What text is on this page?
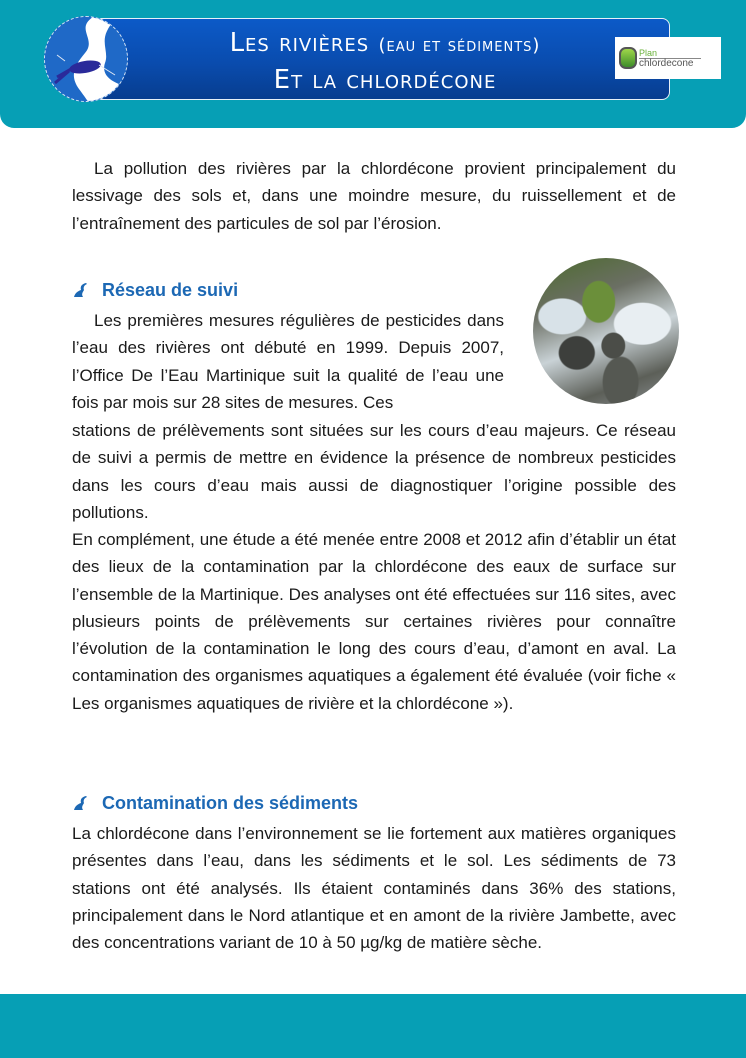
Les rivières (eau et sédiments)
Et la chlordécone
Plan
chlordecone

La pollution des rivières par la chlordécone provient principalement du lessivage des sols et, dans une moindre mesure, du ruissellement et de l’entraînement des particules de sol par l’érosion.

Réseau de suivi

Les premières mesures régulières de pesticides dans l’eau des rivières ont débuté en 1999. Depuis 2007, l’Office De l’Eau Martinique suit la qualité de l’eau une fois par mois sur 28 sites de mesures. Ces

stations de prélèvements sont situées sur les cours d’eau majeurs. Ce réseau de suivi a permis de mettre en évidence la présence de nombreux pesticides dans les cours d’eau mais aussi de diagnostiquer l’origine possible des pollutions.

En complément, une étude a été menée entre 2008 et 2012 afin d’établir un état des lieux de la contamination par la chlordécone des eaux de surface sur l’ensemble de la Martinique. Des analyses ont été effectuées sur 116 sites, avec plusieurs points de prélèvements sur certaines rivières pour connaître l’évolution de la contamination le long des cours d’eau, d’amont en aval. La contamination des organismes aquatiques a également été évaluée (voir fiche « Les organismes aquatiques de rivière et la chlordécone »).

Contamination des sédiments

La chlordécone dans l’environnement se lie fortement aux matières organiques présentes dans l’eau, dans les sédiments et le sol. Les sédiments de 73 stations ont été analysés. Ils étaient contaminés dans 36% des stations, principalement dans le Nord atlantique et en amont de la rivière Jambette, avec des concentrations variant de 10 à 50 µg/kg de matière sèche.
